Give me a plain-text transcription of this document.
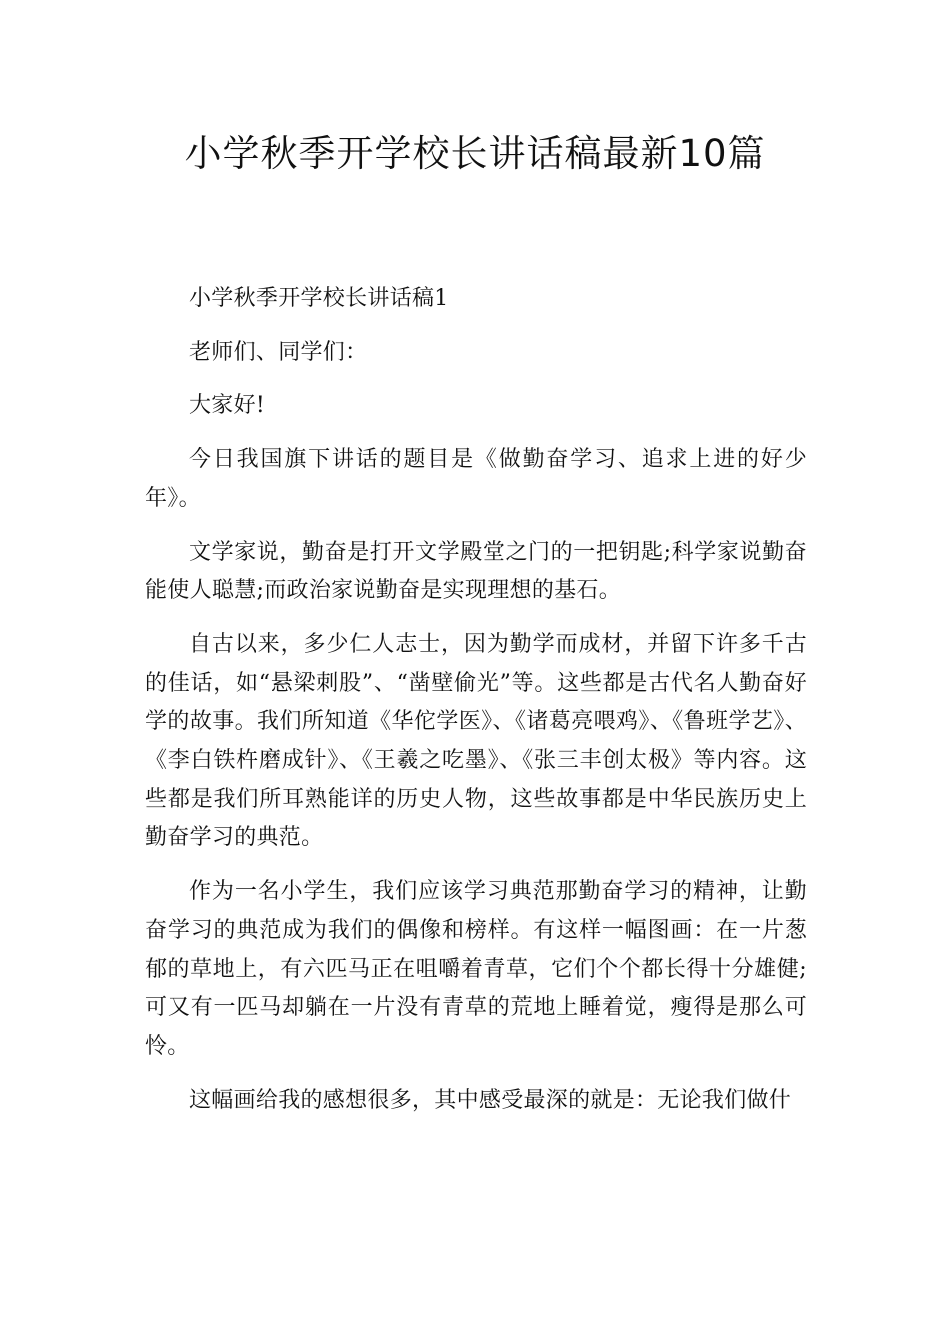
小学秋季开学校长讲话稿最新10篇

小学秋季开学校长讲话稿1

老师们、同学们：

大家好!

今日我国旗下讲话的题目是《做勤奋学习、追求上进的好少年》。

文学家说，勤奋是打开文学殿堂之门的一把钥匙;科学家说勤奋能使人聪慧;而政治家说勤奋是实现理想的基石。

自古以来，多少仁人志士，因为勤学而成材，并留下许多千古的佳话，如“悬梁刺股”、“凿壁偷光”等。这些都是古代名人勤奋好学的故事。我们所知道《华佗学医》、《诸葛亮喂鸡》、《鲁班学艺》、《李白铁杵磨成针》、《王羲之吃墨》、《张三丰创太极》等内容。这些都是我们所耳熟能详的历史人物，这些故事都是中华民族历史上勤奋学习的典范。

作为一名小学生，我们应该学习典范那勤奋学习的精神，让勤奋学习的典范成为我们的偶像和榜样。有这样一幅图画：在一片葱郁的草地上，有六匹马正在咀嚼着青草，它们个个都长得十分雄健;可又有一匹马却躺在一片没有青草的荒地上睡着觉，瘦得是那么可怜。

这幅画给我的感想很多，其中感受最深的就是：无论我们做什
